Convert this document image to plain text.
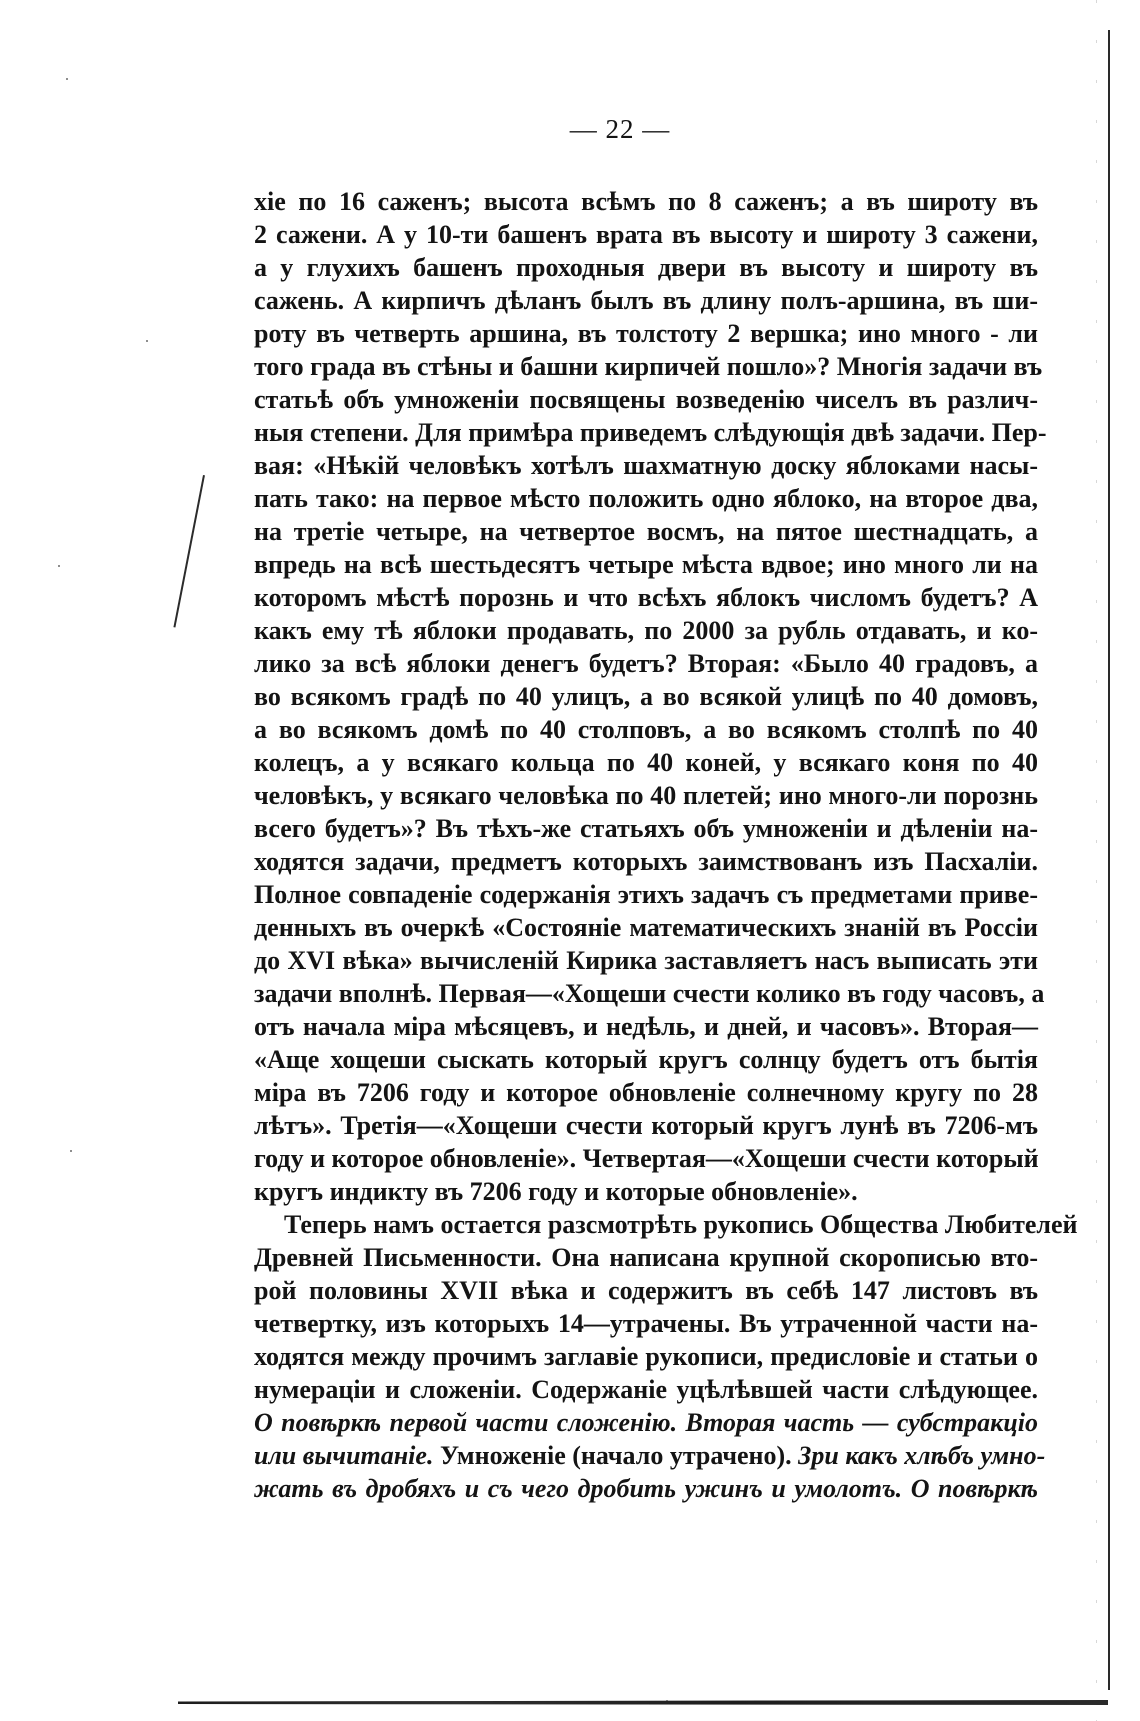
— 22 —
хіе по 16 саженъ; высота всѣмъ по 8 саженъ; а въ широту въ
2 сажени. А у 10-ти башенъ врата въ высоту и широту 3 сажени,
а у глухихъ башенъ проходныя двери въ высоту и широту въ
сажень. А кирпичъ дѣланъ былъ въ длину полъ-аршина, въ ши-
роту въ четверть аршина, въ толстоту 2 вершка; ино много - ли
того града въ стѣны и башни кирпичей пошло»? Многія задачи въ
статьѣ объ умноженіи посвящены возведенію чиселъ въ различ-
ныя степени. Для примѣра приведемъ слѣдующія двѣ задачи. Пер-
вая: «Нѣкій человѣкъ хотѣлъ шахматную доску яблоками насы-
пать тако: на первое мѣсто положить одно яблоко, на второе два,
на третіе четыре, на четвертое восмъ, на пятое шестнадцать, а
впредь на всѣ шестьдесятъ четыре мѣста вдвое; ино много ли на
которомъ мѣстѣ порознь и что всѣхъ яблокъ числомъ будетъ? А
какъ ему тѣ яблоки продавать, по 2000 за рубль отдавать, и ко-
лико за всѣ яблоки денегъ будетъ? Вторая: «Было 40 градовъ, а
во всякомъ градѣ по 40 улицъ, а во всякой улицѣ по 40 домовъ,
а во всякомъ домѣ по 40 столповъ, а во всякомъ столпѣ по 40
колецъ, а у всякаго кольца по 40 коней, у всякаго коня по 40
человѣкъ, у всякаго человѣка по 40 плетей; ино много-ли порознь
всего будетъ»? Въ тѣхъ-же статьяхъ объ умноженіи и дѣленіи на-
ходятся задачи, предметъ которыхъ заимствованъ изъ Пасхаліи.
Полное совпаденіе содержанія этихъ задачъ съ предметами приве-
денныхъ въ очеркѣ «Состояніе математическихъ знаній въ Россіи
до XVI вѣка» вычисленій Кирика заставляетъ насъ выписать эти
задачи вполнѣ. Первая—«Хощеши счести колико въ году часовъ, а
отъ начала міра мѣсяцевъ, и недѣль, и дней, и часовъ». Вторая—
«Аще хощеши сыскать который кругъ солнцу будетъ отъ бытія
міра въ 7206 году и которое обновленіе солнечному кругу по 28
лѣтъ». Третія—«Хощеши счести который кругъ лунѣ въ 7206-мъ
году и которое обновленіе». Четвертая—«Хощеши счести который
кругъ индикту въ 7206 году и которые обновленіе».
Теперь намъ остается разсмотрѣть рукопись Общества Любителей
Древней Письменности. Она написана крупной скорописью вто-
рой половины XVII вѣка и содержитъ въ себѣ 147 листовъ въ
четвертку, изъ которыхъ 14—утрачены. Въ утраченной части на-
ходятся между прочимъ заглавіе рукописи, предисловіе и статьи о
нумераціи и сложеніи. Содержаніе уцѣлѣвшей части слѣдующее.
О повѣркѣ первой части сложенію. Вторая часть — субстракціо
или вычитаніе. Умноженіе (начало утрачено). Зри какъ хлѣбъ умно-
жать въ дробяхъ и съ чего дробить ужинъ и умолотъ. О повѣркѣ
